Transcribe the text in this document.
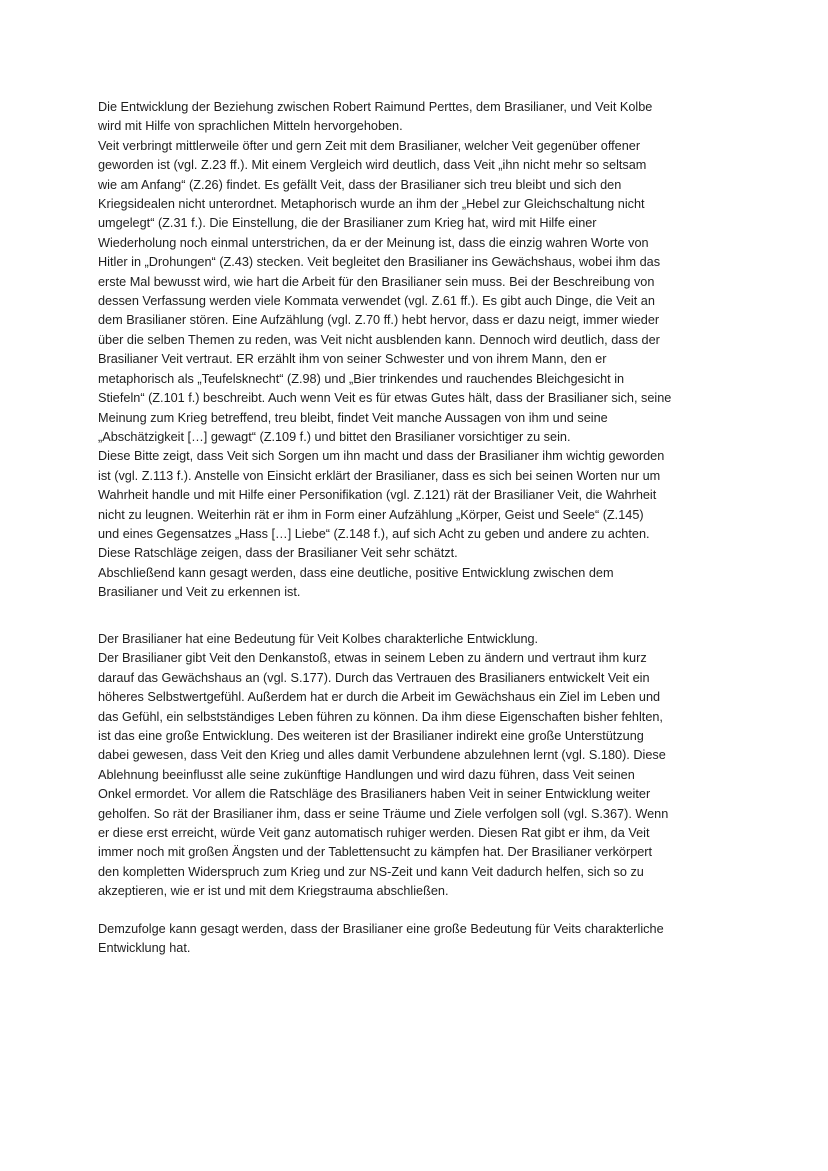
Die Entwicklung der Beziehung zwischen Robert Raimund Perttes, dem Brasilianer, und Veit Kolbe
wird mit Hilfe von sprachlichen Mitteln hervorgehoben.
Veit verbringt mittlerweile öfter und gern Zeit mit dem Brasilianer, welcher Veit gegenüber offener
geworden ist (vgl. Z.23 ff.). Mit einem Vergleich wird deutlich, dass Veit „ihn nicht mehr so seltsam
wie am Anfang“ (Z.26) findet. Es gefällt Veit, dass der Brasilianer sich treu bleibt und sich den
Kriegsidealen nicht unterordnet. Metaphorisch wurde an ihm der „Hebel zur Gleichschaltung nicht
umgelegt“ (Z.31 f.). Die Einstellung, die der Brasilianer zum Krieg hat, wird mit Hilfe einer
Wiederholung noch einmal unterstrichen, da er der Meinung ist, dass die einzig wahren Worte von
Hitler in „Drohungen“ (Z.43) stecken. Veit begleitet den Brasilianer ins Gewächshaus, wobei ihm das
erste Mal bewusst wird, wie hart die Arbeit für den Brasilianer sein muss. Bei der Beschreibung von
dessen Verfassung werden viele Kommata verwendet (vgl. Z.61 ff.). Es gibt auch Dinge, die Veit an
dem Brasilianer stören. Eine Aufzählung (vgl. Z.70 ff.) hebt hervor, dass er dazu neigt, immer wieder
über die selben Themen zu reden, was Veit nicht ausblenden kann. Dennoch wird deutlich, dass der
Brasilianer Veit vertraut. ER erzählt ihm von seiner Schwester und von ihrem Mann, den er
metaphorisch als „Teufelsknecht“ (Z.98) und „Bier trinkendes und rauchendes Bleichgesicht in
Stiefeln“ (Z.101 f.) beschreibt. Auch wenn Veit es für etwas Gutes hält, dass der Brasilianer sich, seine
Meinung zum Krieg betreffend, treu bleibt, findet Veit manche Aussagen von ihm und seine
„Abschätzigkeit […] gewagt“ (Z.109 f.) und bittet den Brasilianer vorsichtiger zu sein.
Diese Bitte zeigt, dass Veit sich Sorgen um ihn macht und dass der Brasilianer ihm wichtig geworden
ist (vgl. Z.113 f.). Anstelle von Einsicht erklärt der Brasilianer, dass es sich bei seinen Worten nur um
Wahrheit handle und mit Hilfe einer Personifikation (vgl. Z.121) rät der Brasilianer Veit, die Wahrheit
nicht zu leugnen. Weiterhin rät er ihm in Form einer Aufzählung „Körper, Geist und Seele“ (Z.145)
und eines Gegensatzes „Hass […] Liebe“ (Z.148 f.), auf sich Acht zu geben und andere zu achten.
Diese Ratschläge zeigen, dass der Brasilianer Veit sehr schätzt.
Abschließend kann gesagt werden, dass eine deutliche, positive Entwicklung zwischen dem
Brasilianer und Veit zu erkennen ist.
Der Brasilianer hat eine Bedeutung für Veit Kolbes charakterliche Entwicklung.
Der Brasilianer gibt Veit den Denkanstoß, etwas in seinem Leben zu ändern und vertraut ihm kurz
darauf das Gewächshaus an (vgl. S.177). Durch das Vertrauen des Brasilianers entwickelt Veit ein
höheres Selbstwertgefühl. Außerdem hat er durch die Arbeit im Gewächshaus ein Ziel im Leben und
das Gefühl, ein selbstständiges Leben führen zu können. Da ihm diese Eigenschaften bisher fehlten,
ist das eine große Entwicklung. Des weiteren ist der Brasilianer indirekt eine große Unterstützung
dabei gewesen, dass Veit den Krieg und alles damit Verbundene abzulehnen lernt (vgl. S.180). Diese
Ablehnung beeinflusst alle seine zukünftige Handlungen und wird dazu führen, dass Veit seinen
Onkel ermordet. Vor allem die Ratschläge des Brasilianers haben Veit in seiner Entwicklung weiter
geholfen. So rät der Brasilianer ihm, dass er seine Träume und Ziele verfolgen soll (vgl. S.367). Wenn
er diese erst erreicht, würde Veit ganz automatisch ruhiger werden. Diesen Rat gibt er ihm, da Veit
immer noch mit großen Ängsten und der Tablettensucht zu kämpfen hat. Der Brasilianer verkörpert
den kompletten Widerspruch zum Krieg und zur NS-Zeit und kann Veit dadurch helfen, sich so zu
akzeptieren, wie er ist und mit dem Kriegstrauma abschließen.
Demzufolge kann gesagt werden, dass der Brasilianer eine große Bedeutung für Veits charakterliche
Entwicklung hat.
